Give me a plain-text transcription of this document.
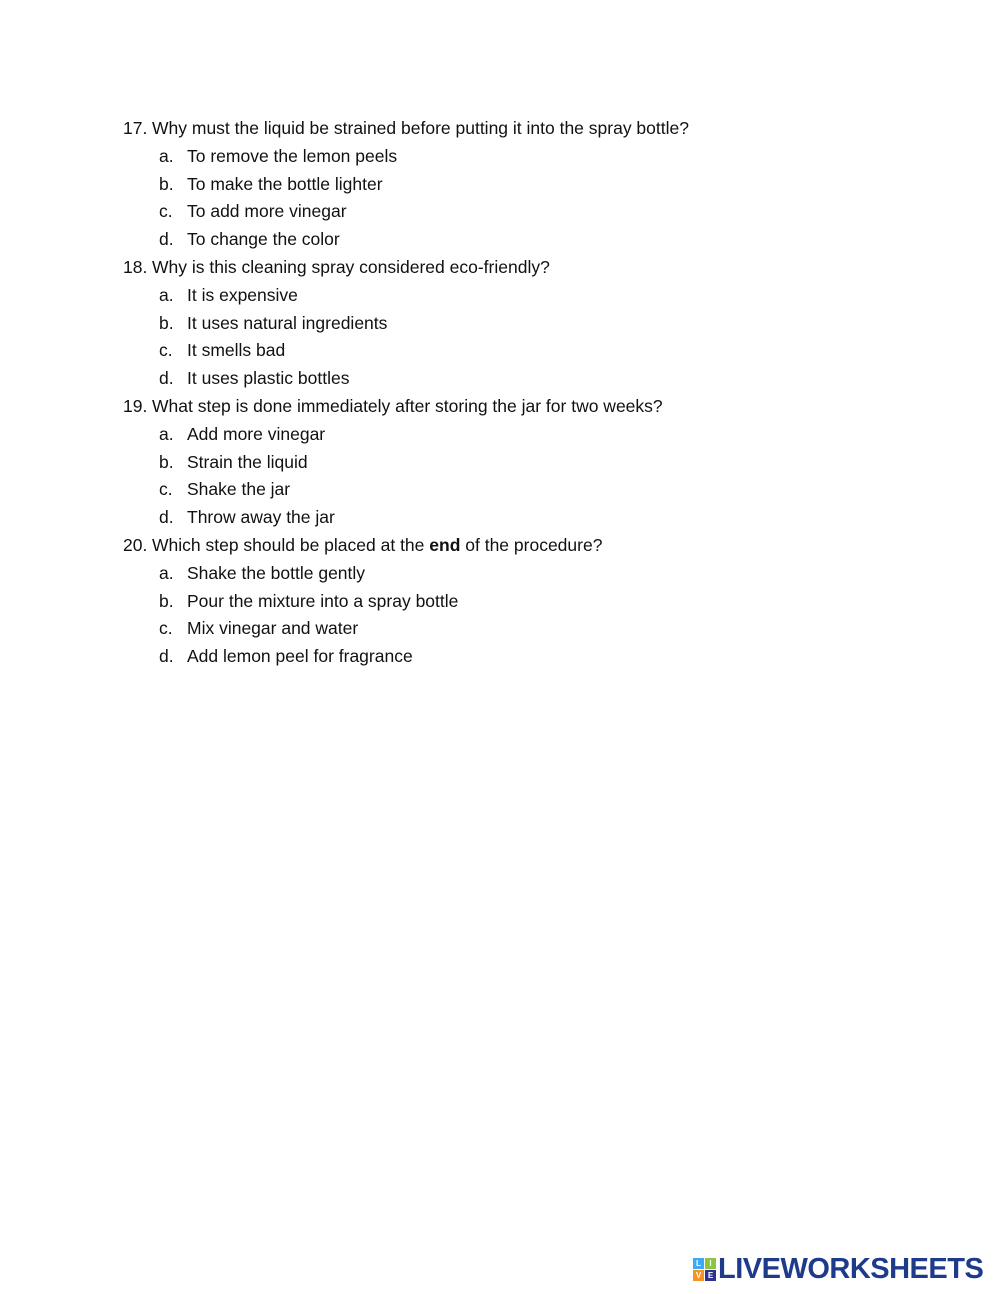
17. Why must the liquid be strained before putting it into the spray bottle?
a. To remove the lemon peels
b. To make the bottle lighter
c. To add more vinegar
d. To change the color
18. Why is this cleaning spray considered eco-friendly?
a. It is expensive
b. It uses natural ingredients
c. It smells bad
d. It uses plastic bottles
19. What step is done immediately after storing the jar for two weeks?
a. Add more vinegar
b. Strain the liquid
c. Shake the jar
d. Throw away the jar
20. Which step should be placed at the end of the procedure?
a. Shake the bottle gently
b. Pour the mixture into a spray bottle
c. Mix vinegar and water
d. Add lemon peel for fragrance
L	I
V E LIVEWORKSHEETS
